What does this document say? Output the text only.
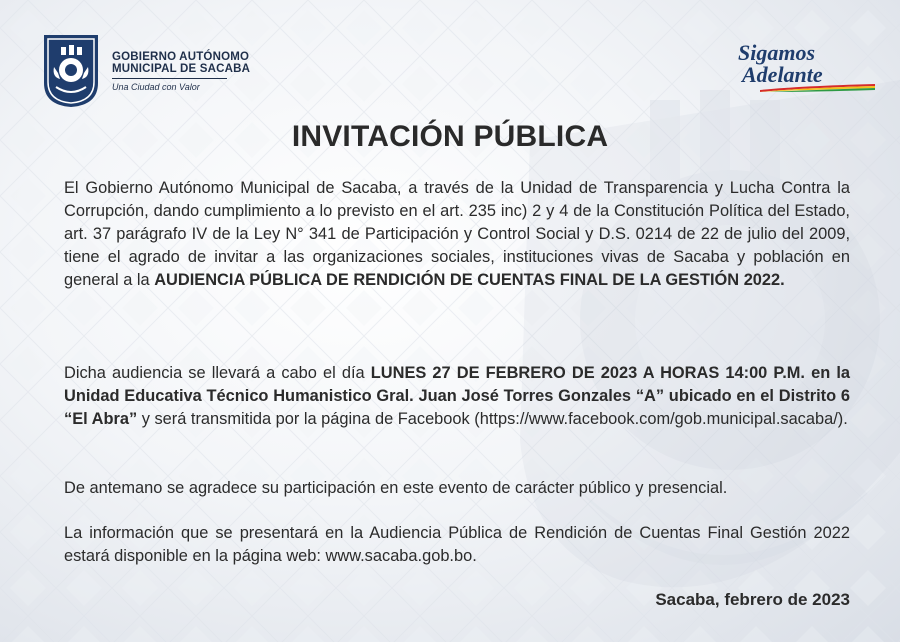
GOBIERNO AUTÓNOMO
MUNICIPAL DE SACABA
Una Ciudad con Valor
Sigamos
Adelante
INVITACIÓN PÚBLICA
El Gobierno Autónomo Municipal de Sacaba, a través de la Unidad de Transparencia y Lucha Contra la Corrupción, dando cumplimiento a lo previsto en el art. 235 inc) 2 y 4 de la Constitución Política del Estado, art. 37 parágrafo IV de la Ley N° 341 de Participación y Control Social y D.S. 0214 de 22 de julio del 2009, tiene el agrado de invitar a las organizaciones sociales, instituciones vivas de Sacaba y población en general a la AUDIENCIA PÚBLICA DE RENDICIÓN DE CUENTAS FINAL DE LA GESTIÓN 2022.
Dicha audiencia se llevará a cabo el día LUNES 27 DE FEBRERO DE 2023 A HORAS 14:00 P.M. en la Unidad Educativa Técnico Humanistico Gral. Juan José Torres Gonzales “A” ubicado en el Distrito 6 “El Abra” y será transmitida por la página de Facebook (https://www.facebook.com/gob.municipal.sacaba/).
De antemano se agradece su participación en este evento de carácter público y presencial.
La información que se presentará en la Audiencia Pública de Rendición de Cuentas Final Gestión 2022 estará disponible en la página web: www.sacaba.gob.bo.
Sacaba, febrero de 2023
